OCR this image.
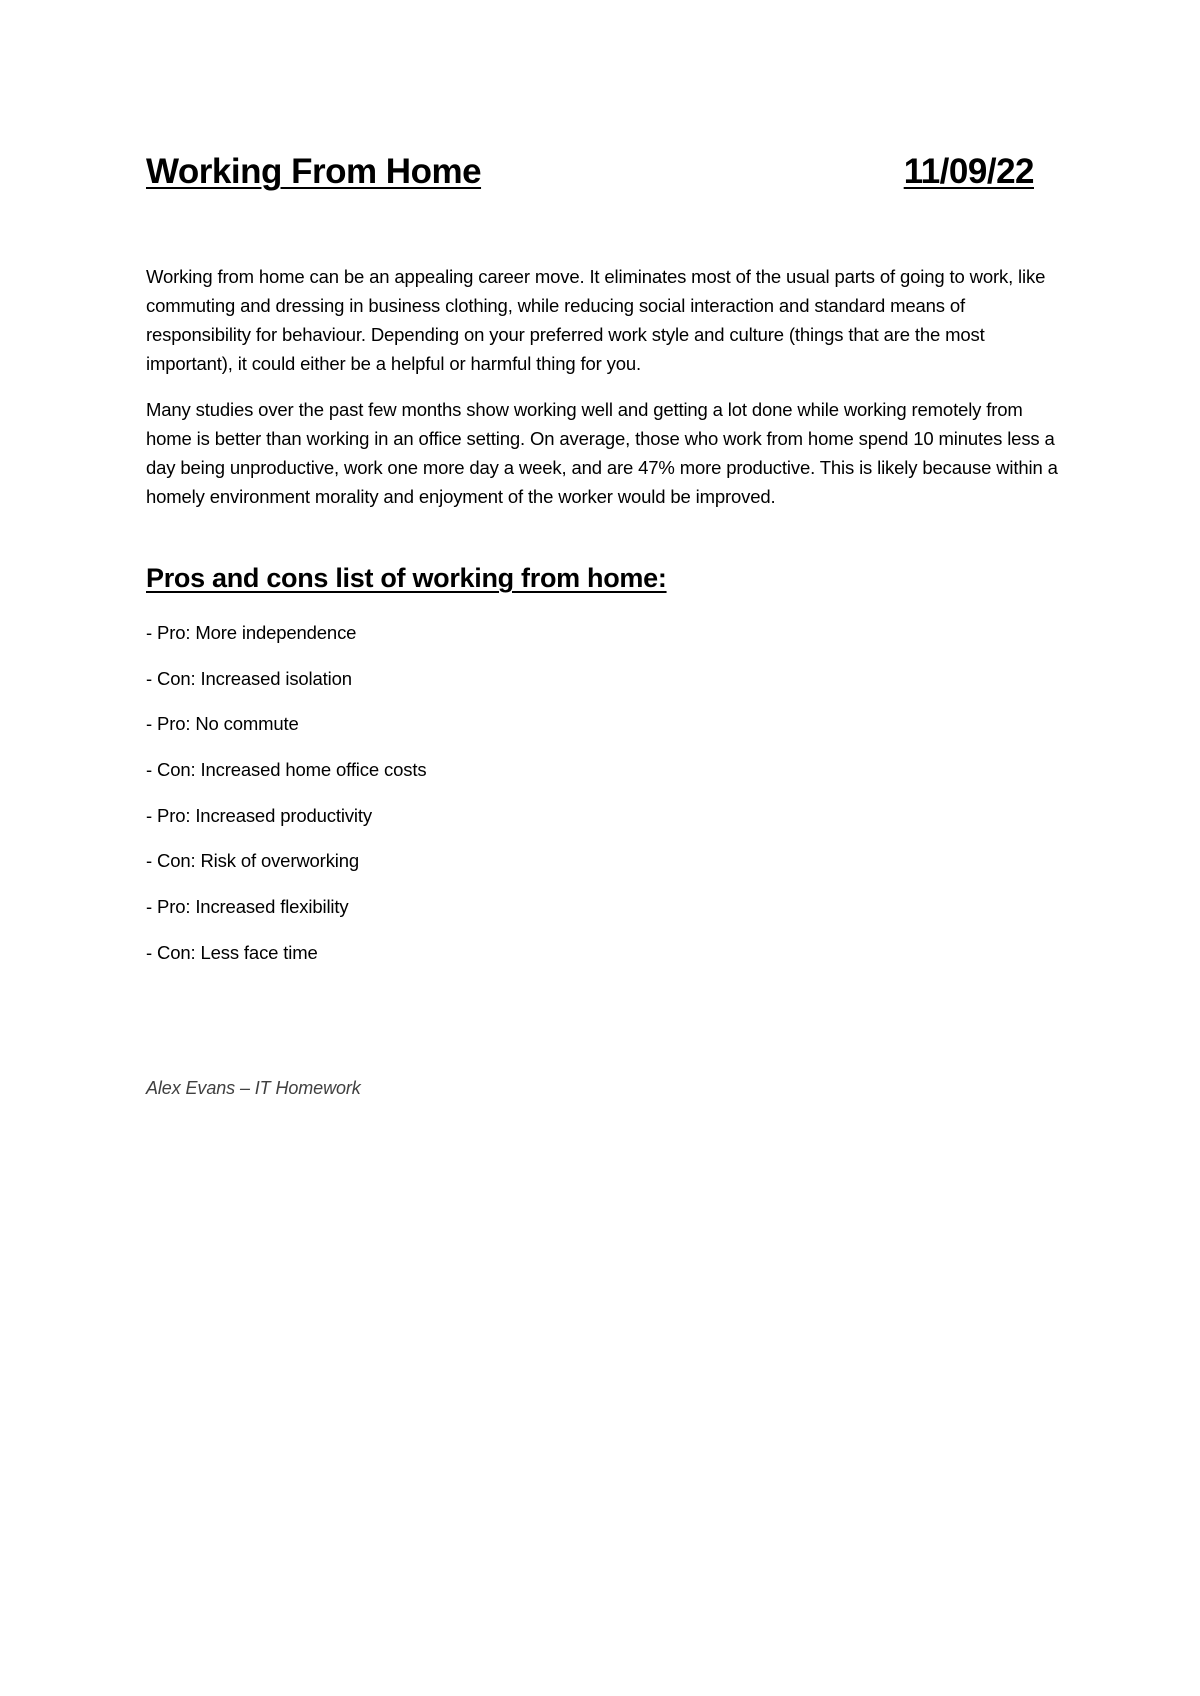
Working From Home	11/09/22

Working from home can be an appealing career move. It eliminates most of the usual parts of going to work, like commuting and dressing in business clothing, while reducing social interaction and standard means of responsibility for behaviour. Depending on your preferred work style and culture (things that are the most important), it could either be a helpful or harmful thing for you.

Many studies over the past few months show working well and getting a lot done while working remotely from home is better than working in an office setting. On average, those who work from home spend 10 minutes less a day being unproductive, work one more day a week, and are 47% more productive. This is likely because within a homely environment morality and enjoyment of the worker would be improved.

Pros and cons list of working from home:
- Pro: More independence
- Con: Increased isolation
- Pro: No commute
- Con: Increased home office costs
- Pro: Increased productivity
- Con: Risk of overworking
- Pro: Increased flexibility
- Con: Less face time

Alex Evans – IT Homework
